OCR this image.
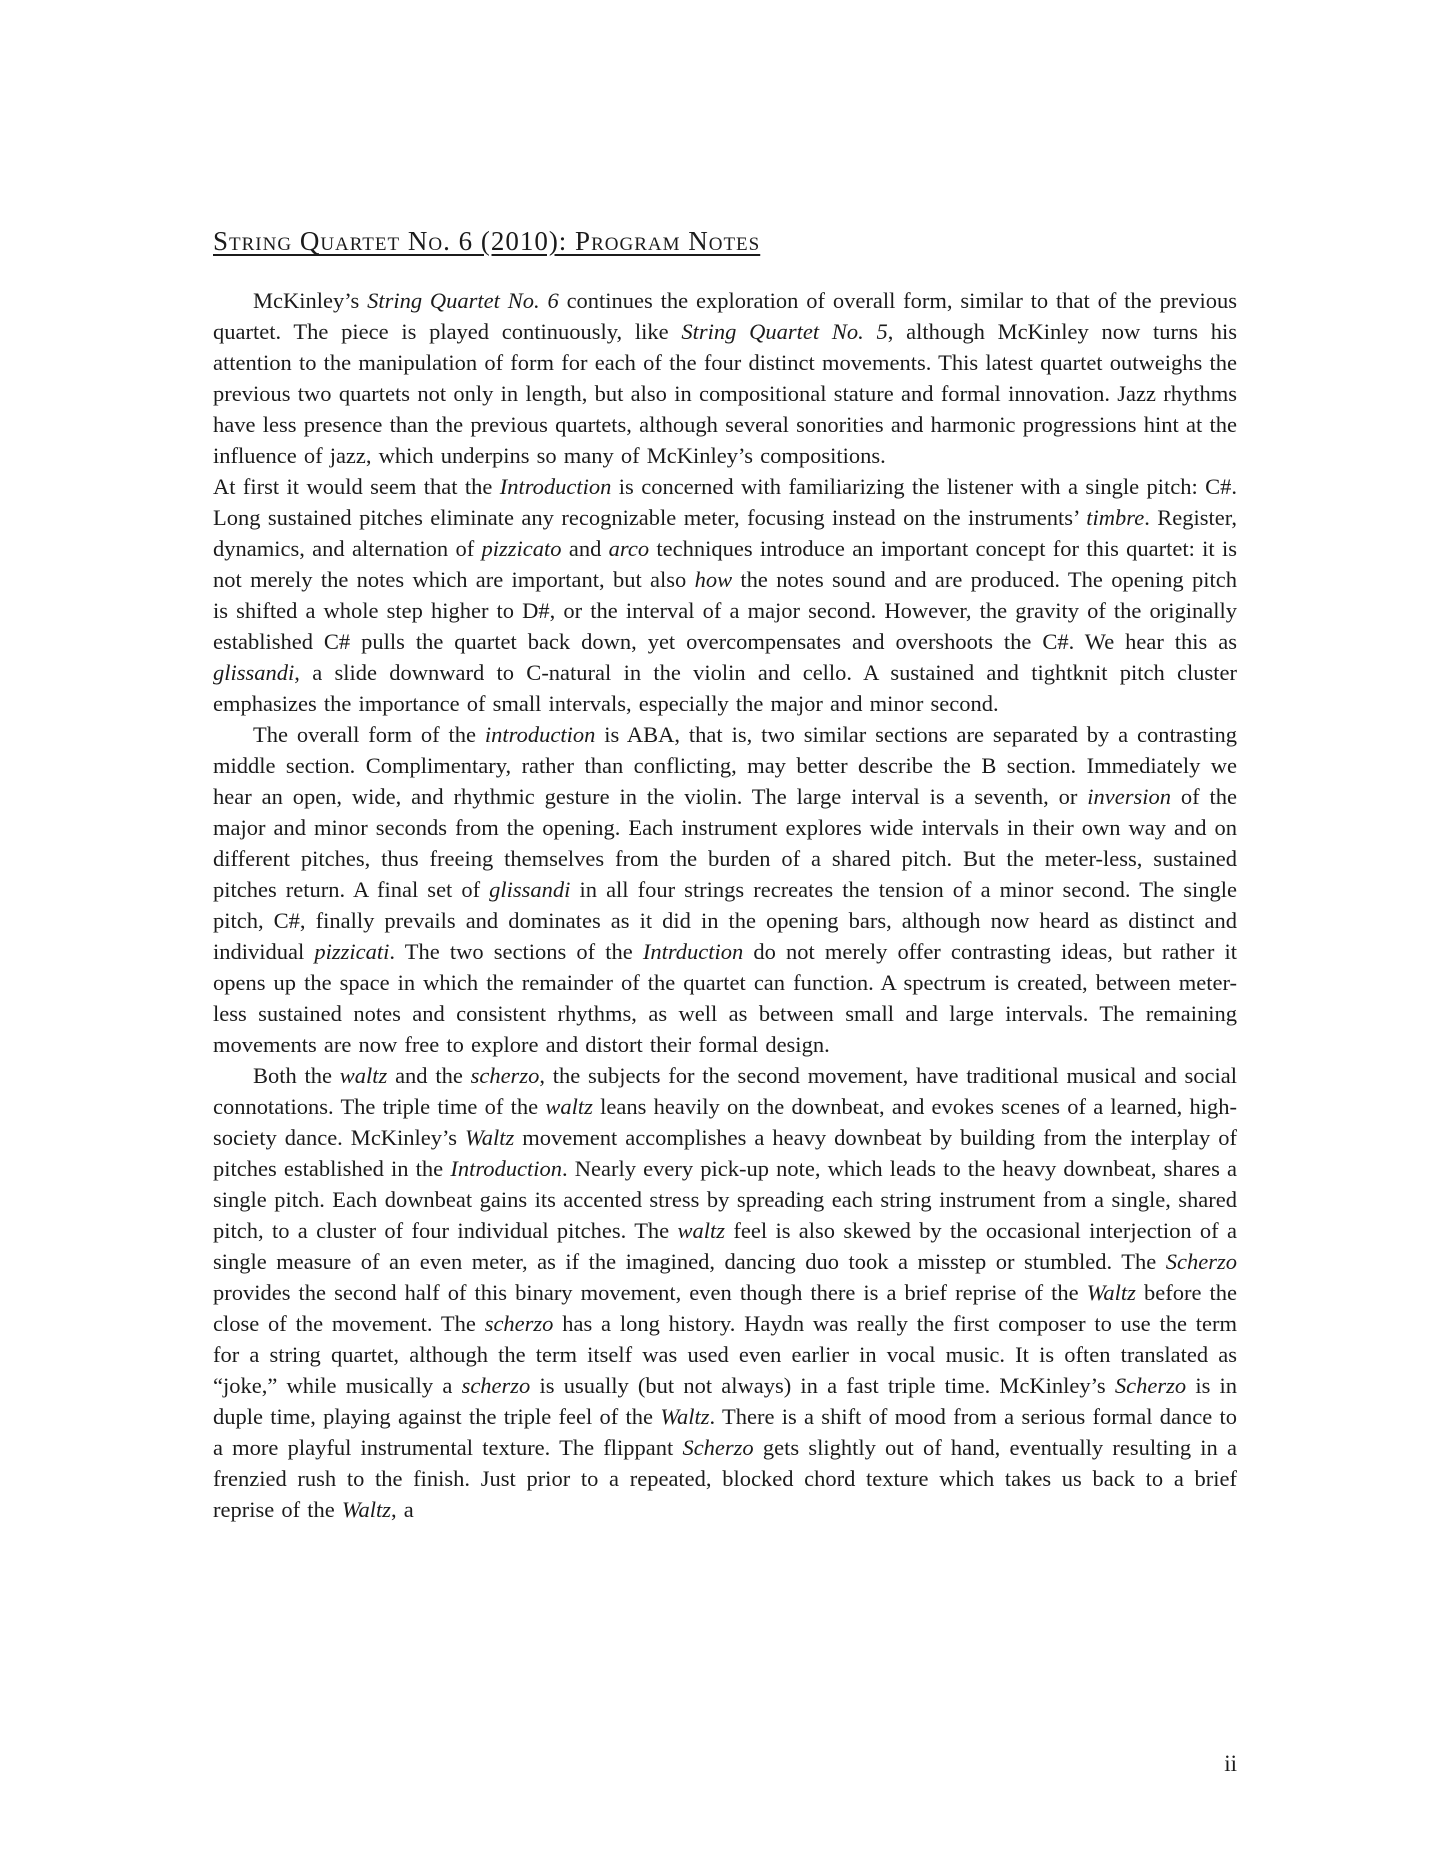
String Quartet No. 6 (2010): Program Notes

McKinley’s String Quartet No. 6 continues the exploration of overall form, similar to that of the previous quartet. The piece is played continuously, like String Quartet No. 5, although McKinley now turns his attention to the manipulation of form for each of the four distinct movements. This latest quartet outweighs the previous two quartets not only in length, but also in compositional stature and formal innovation. Jazz rhythms have less presence than the previous quartets, although several sonorities and harmonic progressions hint at the influence of jazz, which underpins so many of McKinley’s compositions.

At first it would seem that the Introduction is concerned with familiarizing the listener with a single pitch: C#. Long sustained pitches eliminate any recognizable meter, focusing instead on the instruments’ timbre. Register, dynamics, and alternation of pizzicato and arco techniques introduce an important concept for this quartet: it is not merely the notes which are important, but also how the notes sound and are produced. The opening pitch is shifted a whole step higher to D#, or the interval of a major second. However, the gravity of the originally established C# pulls the quartet back down, yet overcompensates and overshoots the C#. We hear this as glissandi, a slide downward to C-natural in the violin and cello. A sustained and tightknit pitch cluster emphasizes the importance of small intervals, especially the major and minor second.

The overall form of the introduction is ABA, that is, two similar sections are separated by a contrasting middle section. Complimentary, rather than conflicting, may better describe the B section. Immediately we hear an open, wide, and rhythmic gesture in the violin. The large interval is a seventh, or inversion of the major and minor seconds from the opening. Each instrument explores wide intervals in their own way and on different pitches, thus freeing themselves from the burden of a shared pitch. But the meter-less, sustained pitches return. A final set of glissandi in all four strings recreates the tension of a minor second. The single pitch, C#, finally prevails and dominates as it did in the opening bars, although now heard as distinct and individual pizzicati. The two sections of the Intrduction do not merely offer contrasting ideas, but rather it opens up the space in which the remainder of the quartet can function. A spectrum is created, between meter-less sustained notes and consistent rhythms, as well as between small and large intervals. The remaining movements are now free to explore and distort their formal design.

Both the waltz and the scherzo, the subjects for the second movement, have traditional musical and social connotations. The triple time of the waltz leans heavily on the downbeat, and evokes scenes of a learned, high-society dance. McKinley’s Waltz movement accomplishes a heavy downbeat by building from the interplay of pitches established in the Introduction. Nearly every pick-up note, which leads to the heavy downbeat, shares a single pitch. Each downbeat gains its accented stress by spreading each string instrument from a single, shared pitch, to a cluster of four individual pitches. The waltz feel is also skewed by the occasional interjection of a single measure of an even meter, as if the imagined, dancing duo took a misstep or stumbled. The Scherzo provides the second half of this binary movement, even though there is a brief reprise of the Waltz before the close of the movement. The scherzo has a long history. Haydn was really the first composer to use the term for a string quartet, although the term itself was used even earlier in vocal music. It is often translated as “joke,” while musically a scherzo is usually (but not always) in a fast triple time. McKinley’s Scherzo is in duple time, playing against the triple feel of the Waltz. There is a shift of mood from a serious formal dance to a more playful instrumental texture. The flippant Scherzo gets slightly out of hand, eventually resulting in a frenzied rush to the finish. Just prior to a repeated, blocked chord texture which takes us back to a brief reprise of the Waltz, a

ii
